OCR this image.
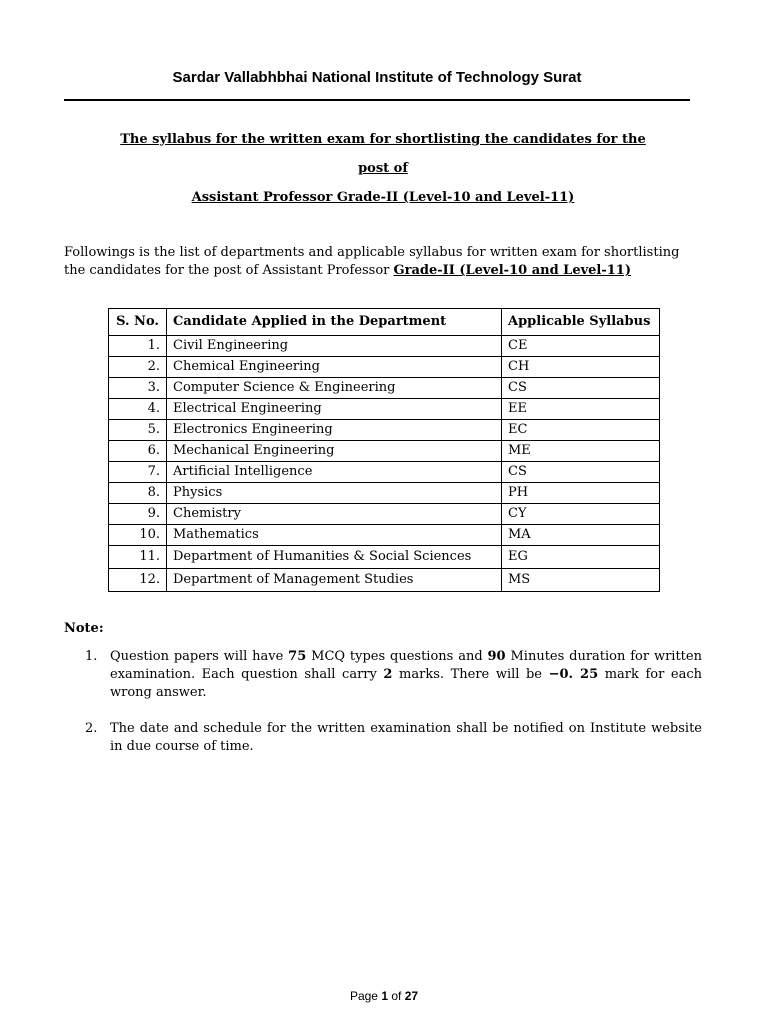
Sardar Vallabhbhai National Institute of Technology Surat
The syllabus for the written exam for shortlisting the candidates for the
post of
Assistant Professor Grade-II (Level-10 and Level-11)
Followings is the list of departments and applicable syllabus for written exam for shortlisting
the candidates for the post of Assistant Professor Grade-II (Level-10 and Level-11)
S. No.	Candidate Applied in the Department	Applicable Syllabus
1.	Civil Engineering	CE
2.	Chemical Engineering	CH
3.	Computer Science & Engineering	CS
4.	Electrical Engineering	EE
5.	Electronics Engineering	EC
6.	Mechanical Engineering	ME
7.	Artificial Intelligence	CS
8.	Physics	PH
9.	Chemistry	CY
10.	Mathematics	MA
11.	Department of Humanities & Social Sciences	EG
12.	Department of Management Studies	MS
Note:
1. Question papers will have 75 MCQ types questions and 90 Minutes duration for written examination. Each question shall carry 2 marks. There will be −0. 25 mark for each wrong answer.
2. The date and schedule for the written examination shall be notified on Institute website in due course of time.
Page 1 of 27
